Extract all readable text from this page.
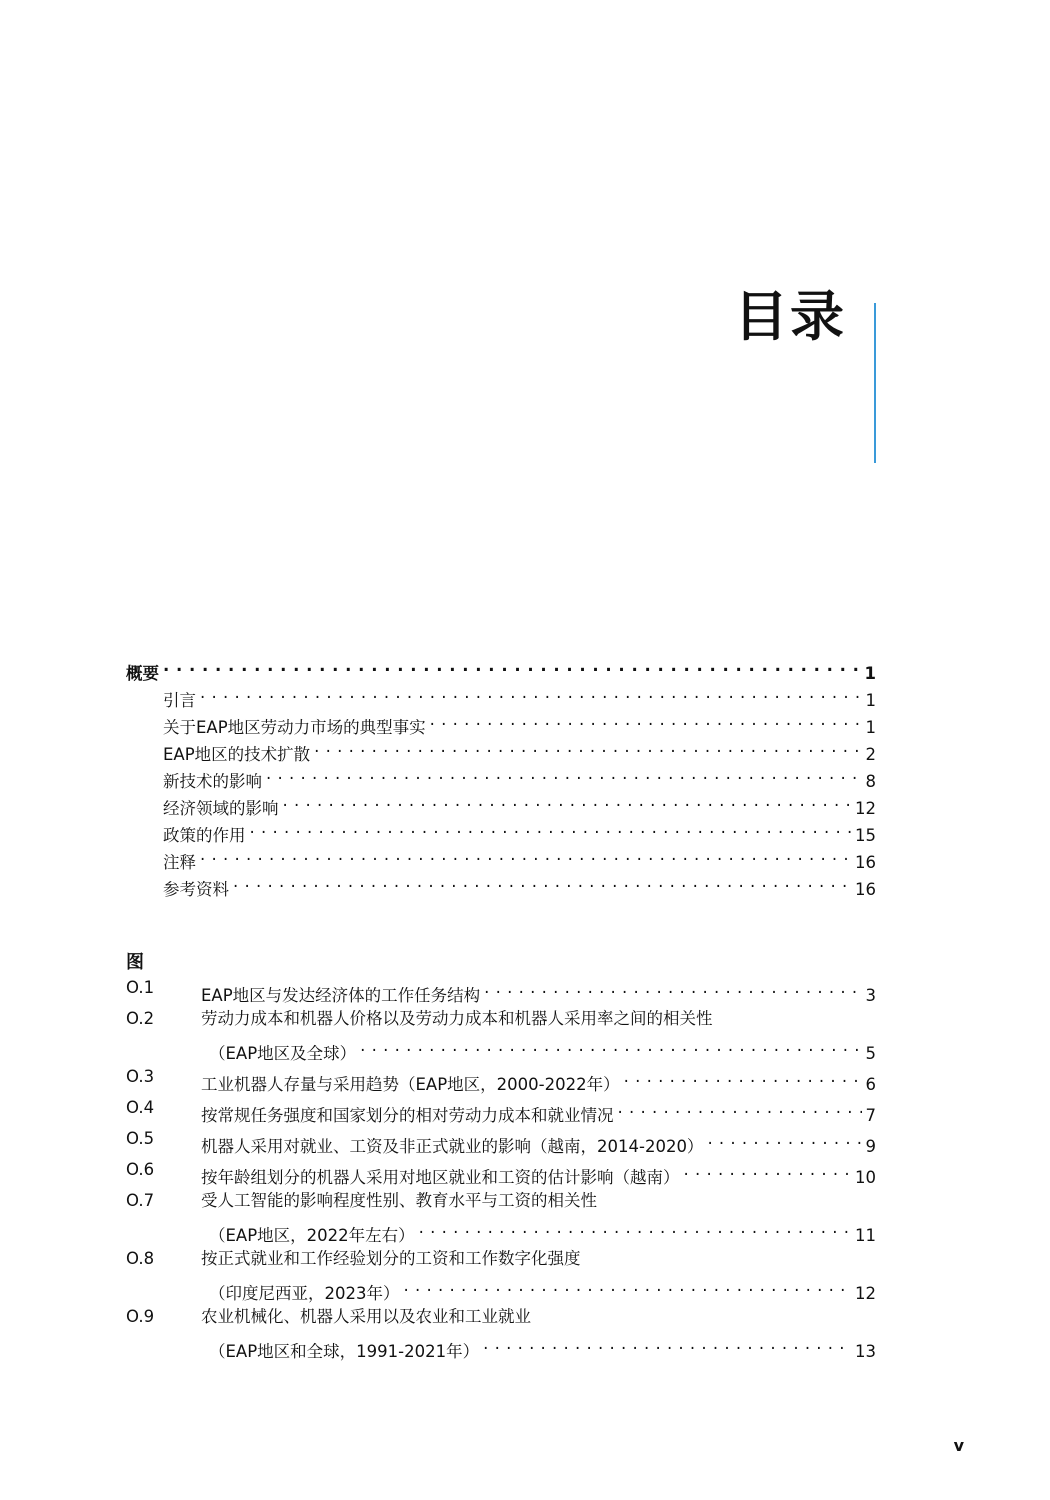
目录
概要 . . .	1
引言 . . .	1
关于EAP地区劳动力市场的典型事实 . . .	1
EAP地区的技术扩散 . . .	2
新技术的影响 . . .	8
经济领域的影响 . . .	12
政策的作用 . . .	15
注释 . . .	16
参考资料 . . .	16
图
O.1	EAP地区与发达经济体的工作任务结构 . . .	3
O.2	劳动力成本和机器人价格以及劳动力成本和机器人采用率之间的相关性
（EAP地区及全球） . . .	5
O.3	工业机器人存量与采用趋势（EAP地区，2000-2022年） . . .	6
O.4	按常规任务强度和国家划分的相对劳动力成本和就业情况 . . .	7
O.5	机器人采用对就业、工资及非正式就业的影响（越南，2014-2020） . . .	9
O.6	按年龄组划分的机器人采用对地区就业和工资的估计影响（越南） . . .	10
O.7	受人工智能的影响程度性别、教育水平与工资的相关性
（EAP地区，2022年左右） . . .	11
O.8	按正式就业和工作经验划分的工资和工作数字化强度
（印度尼西亚，2023年） . . .	12
O.9	农业机械化、机器人采用以及农业和工业就业
（EAP地区和全球，1991-2021年） . . .	13
v
